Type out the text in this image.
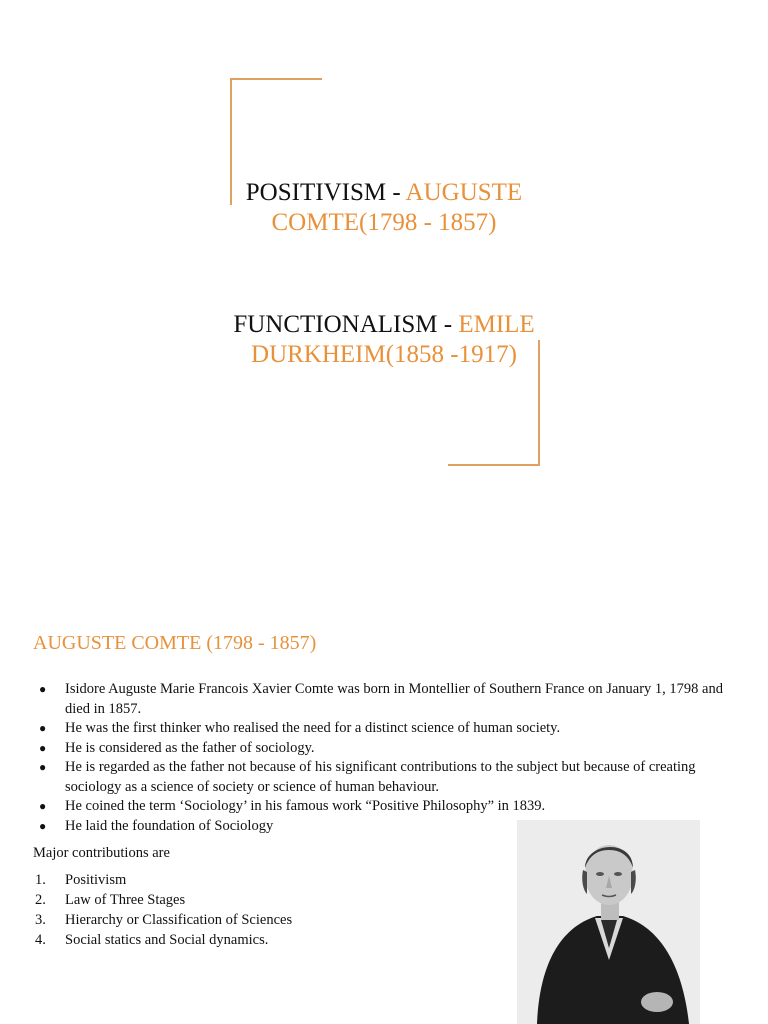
POSITIVISM - AUGUSTE
COMTE(1798 - 1857)
FUNCTIONALISM - EMILE
DURKHEIM(1858 -1917)
AUGUSTE COMTE (1798 - 1857)
● Isidore Auguste Marie Francois Xavier Comte was born in Montellier of Southern France on January 1, 1798 and died in 1857.
● He was the first thinker who realised the need for a distinct science of human society.
● He is considered as the father of sociology.
● He is regarded as the father not because of his significant contributions to the subject but because of creating sociology as a science of society or science of human behaviour.
● He coined the term ‘Sociology’ in his famous work “Positive Philosophy” in 1839.
● He laid the foundation of Sociology
Major contributions are
1. Positivism
2. Law of Three Stages
3. Hierarchy or Classification of Sciences
4. Social statics and Social dynamics.
